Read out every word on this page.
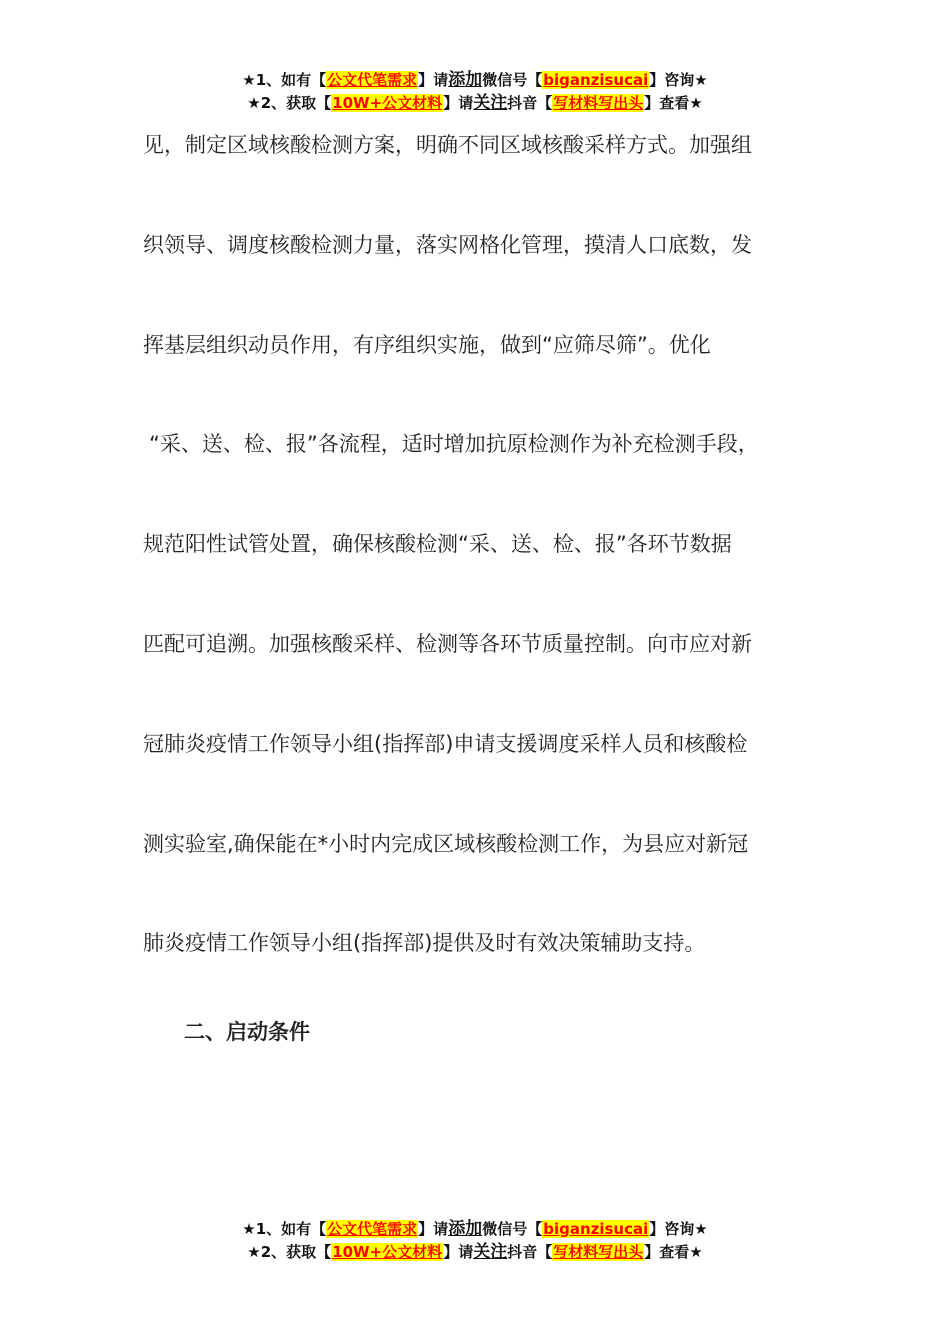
★1、如有【公文代笔需求】请添加微信号【biganzisucai】咨询★
★2、获取【10W+公文材料】请关注抖音【写材料写出头】查看★
见，制定区域核酸检测方案，明确不同区域核酸采样方式。加强组
织领导、调度核酸检测力量，落实网格化管理，摸清人口底数，发
挥基层组织动员作用，有序组织实施，做到“应筛尽筛”。优化
“采、送、检、报”各流程，适时增加抗原检测作为补充检测手段，
规范阳性试管处置，确保核酸检测“采、送、检、报”各环节数据
匹配可追溯。加强核酸采样、检测等各环节质量控制。向市应对新
冠肺炎疫情工作领导小组(指挥部)申请支援调度采样人员和核酸检
测实验室,确保能在*小时内完成区域核酸检测工作，为县应对新冠
肺炎疫情工作领导小组(指挥部)提供及时有效决策辅助支持。
二、启动条件
★1、如有【公文代笔需求】请添加微信号【biganzisucai】咨询★
★2、获取【10W+公文材料】请关注抖音【写材料写出头】查看★
